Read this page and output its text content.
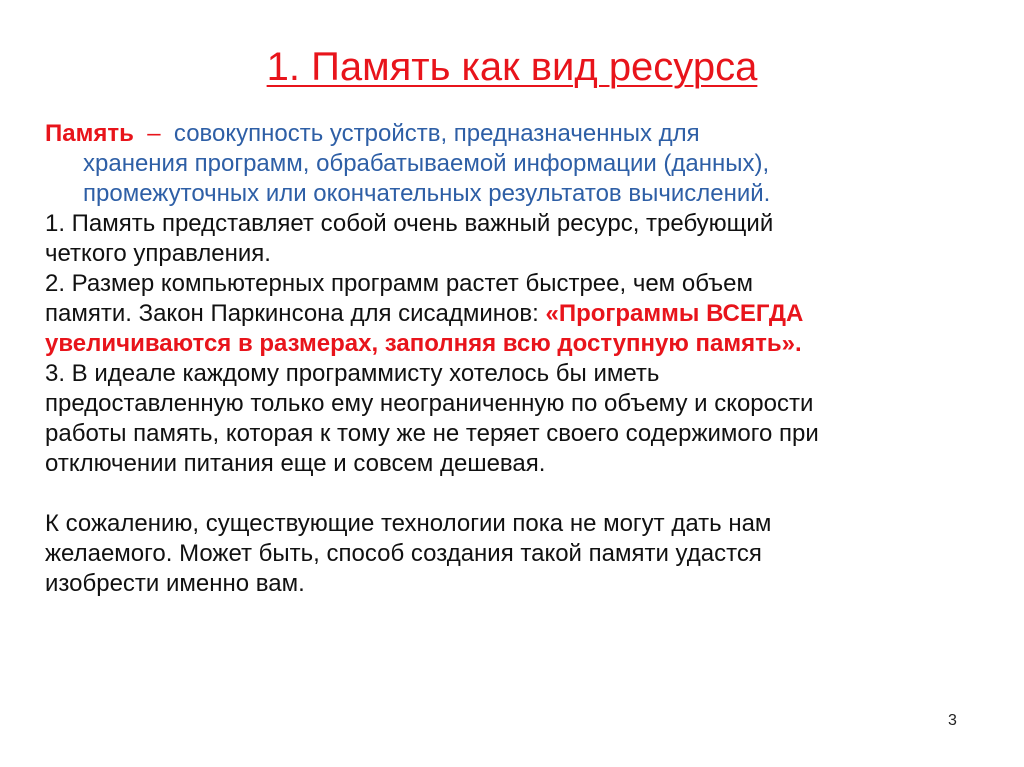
1. Память как вид ресурса
Память – совокупность устройств, предназначенных для
хранения программ, обрабатываемой информации (данных),
промежуточных или окончательных результатов вычислений.
1. Память представляет собой очень важный ресурс, требующий
четкого управления.
2. Размер компьютерных программ растет быстрее, чем объем
памяти. Закон Паркинсона для сисадминов: «Программы ВСЕГДА
увеличиваются в размерах, заполняя всю доступную память».
3. В идеале каждому программисту хотелось бы иметь
предоставленную только ему неограниченную по объему и скорости
работы память, которая к тому же не теряет своего содержимого при
отключении питания еще и совсем дешевая.
К сожалению, существующие технологии пока не могут дать нам
желаемого. Может быть, способ создания такой памяти удастся
изобрести именно вам.
3
